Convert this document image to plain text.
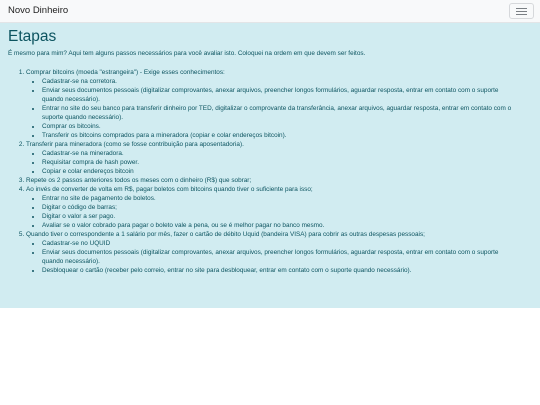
Novo Dinheiro
Etapas

É mesmo para mim? Aqui tem alguns passos necessários para você avaliar isto. Coloquei na ordem em que devem ser feitos.

1. Comprar bitcoins (moeda "estrangeira") - Exige esses conhecimentos:
• Cadastrar-se na corretora.
• Enviar seus documentos pessoais (digitalizar comprovantes, anexar arquivos, preencher longos formulários, aguardar resposta, entrar em contato com o suporte quando necessário).
• Entrar no site do seu banco para transferir dinheiro por TED, digitalizar o comprovante da transferância, anexar arquivos, aguardar resposta, entrar em contato com o suporte quando necessário).
• Comprar os bitcoins.
• Transferir os bitcoins comprados para a mineradora (copiar e colar endereços bitcoin).
2. Transferir para mineradora (como se fosse contribuição para aposentadoria).
• Cadastrar-se na mineradora.
• Requisitar compra de hash power.
• Copiar e colar endereços bitcoin
3. Repete os 2 passos anteriores todos os meses com o dinheiro (R$) que sobrar;
4. Ao invés de converter de volta em R$, pagar boletos com bitcoins quando tiver o suficiente para isso;
• Entrar no site de pagamento de boletos.
• Digitar o código de barras;
• Digitar o valor a ser pago.
• Avaliar se o valor cobrado para pagar o boleto vale a pena, ou se é melhor pagar no banco mesmo.
5. Quando tiver o correspondente a 1 salário por mês, fazer o cartão de débito Uquid (bandeira VISA) para cobrir as outras despesas pessoais;
• Cadastrar-se no UQUID
• Enviar seus documentos pessoais (digitalizar comprovantes, anexar arquivos, preencher longos formulários, aguardar resposta, entrar em contato com o suporte quando necessário).
• Desbloquear o cartão (receber pelo correio, entrar no site para desbloquear, entrar em contato com o suporte quando necessário).
